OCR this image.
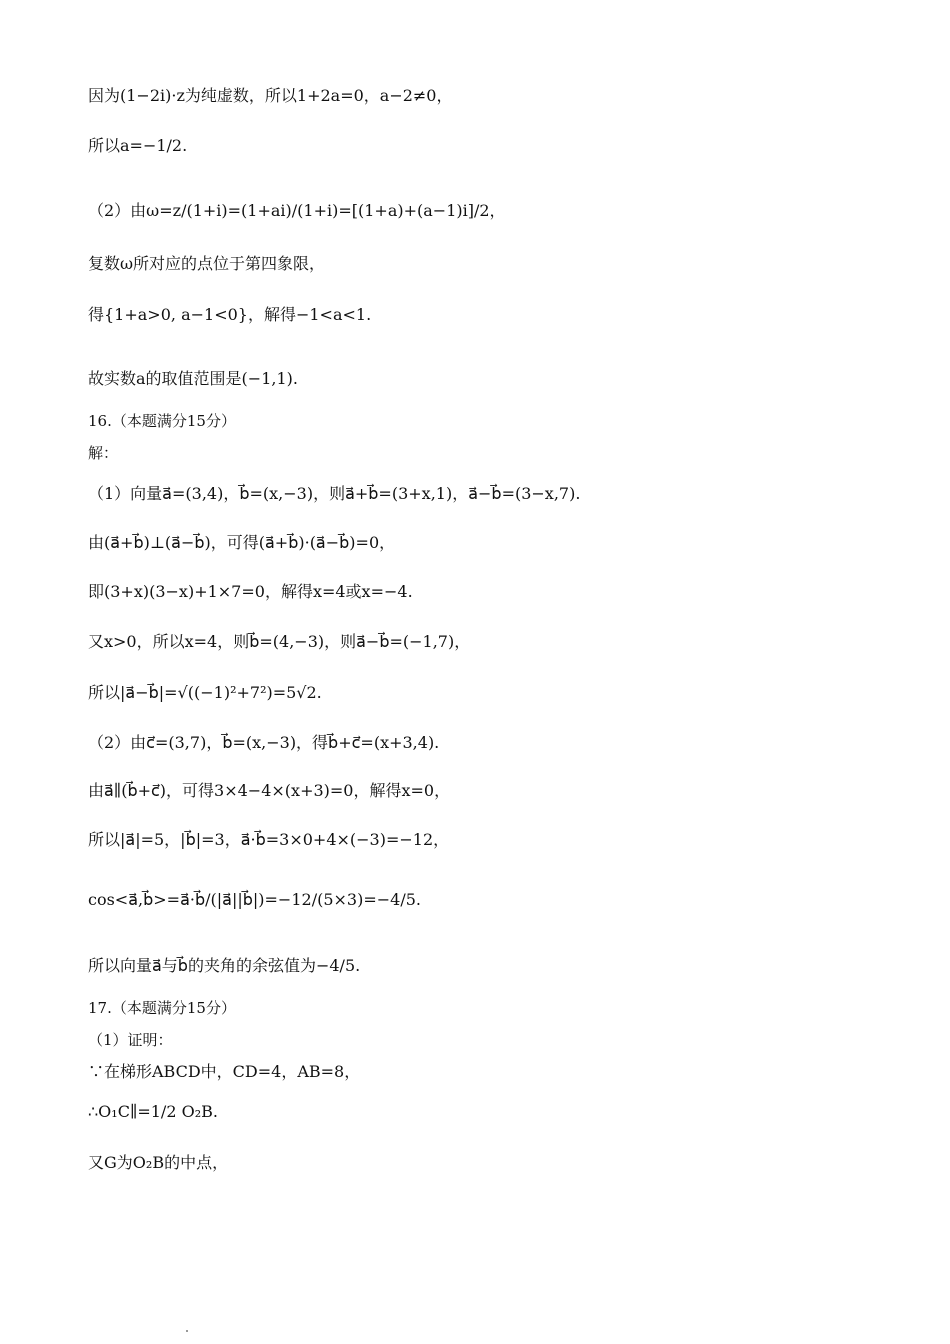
因为(1−2i)·z为纯虚数，所以1+2a=0，a−2≠0，
所以a=−1/2.
（2）由ω=z/(1+i)=(1+ai)/(1+i)=[(1+a)+(a−1)i]/2，
复数ω所对应的点位于第四象限，
得{1+a>0, a−1<0}，解得−1<a<1.
故实数a的取值范围是(−1,1).
16.（本题满分15分）
解：
（1）向量a⃗=(3,4)，b⃗=(x,−3)，则a⃗+b⃗=(3+x,1)，a⃗−b⃗=(3−x,7).
由(a⃗+b⃗)⊥(a⃗−b⃗)，可得(a⃗+b⃗)·(a⃗−b⃗)=0，
即(3+x)(3−x)+1×7=0，解得x=4或x=−4.
又x>0，所以x=4，则b⃗=(4,−3)，则a⃗−b⃗=(−1,7)，
所以|a⃗−b⃗|=√((−1)²+7²)=5√2.
（2）由c⃗=(3,7)，b⃗=(x,−3)，得b⃗+c⃗=(x+3,4).
由a⃗∥(b⃗+c⃗)，可得3×4−4×(x+3)=0，解得x=0，
所以|a⃗|=5，|b⃗|=3，a⃗·b⃗=3×0+4×(−3)=−12，
cos<a⃗,b⃗>=a⃗·b⃗/(|a⃗||b⃗|)=−12/(5×3)=−4/5.
所以向量a⃗与b⃗的夹角的余弦值为−4/5.
17.（本题满分15分）
（1）证明：
∵在梯形ABCD中，CD=4，AB=8，
∴O₁C∥=1/2 O₂B.
又G为O₂B的中点，
